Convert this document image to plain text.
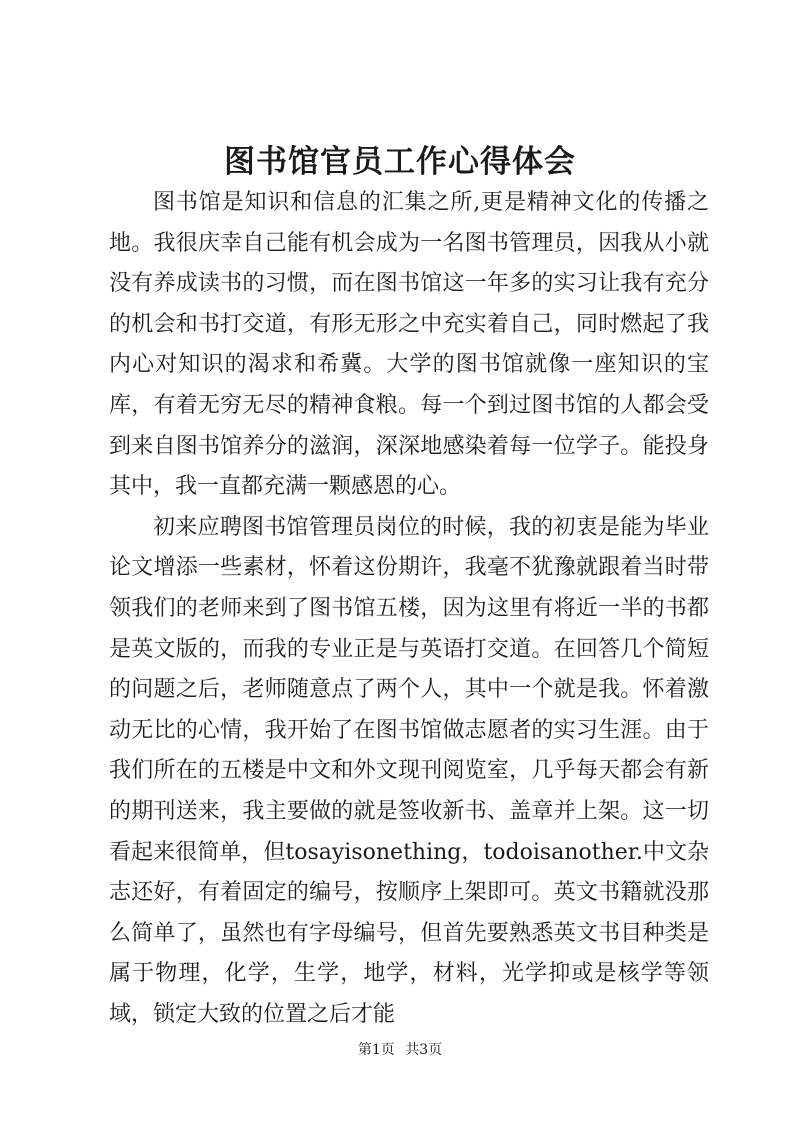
图书馆官员工作心得体会

图书馆是知识和信息的汇集之所,更是精神文化的传播之地。我很庆幸自己能有机会成为一名图书管理员，因我从小就没有养成读书的习惯，而在图书馆这一年多的实习让我有充分的机会和书打交道，有形无形之中充实着自己，同时燃起了我内心对知识的渴求和希冀。大学的图书馆就像一座知识的宝库，有着无穷无尽的精神食粮。每一个到过图书馆的人都会受到来自图书馆养分的滋润，深深地感染着每一位学子。能投身其中，我一直都充满一颗感恩的心。

初来应聘图书馆管理员岗位的时候，我的初衷是能为毕业论文增添一些素材，怀着这份期许，我毫不犹豫就跟着当时带领我们的老师来到了图书馆五楼，因为这里有将近一半的书都是英文版的，而我的专业正是与英语打交道。在回答几个简短的问题之后，老师随意点了两个人，其中一个就是我。怀着激动无比的心情，我开始了在图书馆做志愿者的实习生涯。由于我们所在的五楼是中文和外文现刊阅览室，几乎每天都会有新的期刊送来，我主要做的就是签收新书、盖章并上架。这一切看起来很简单，但tosayisonething，todoisanother.中文杂志还好，有着固定的编号，按顺序上架即可。英文书籍就没那么简单了，虽然也有字母编号，但首先要熟悉英文书目种类是属于物理，化学，生学，地学，材料，光学抑或是核学等领域，锁定大致的位置之后才能

第1页 共3页
